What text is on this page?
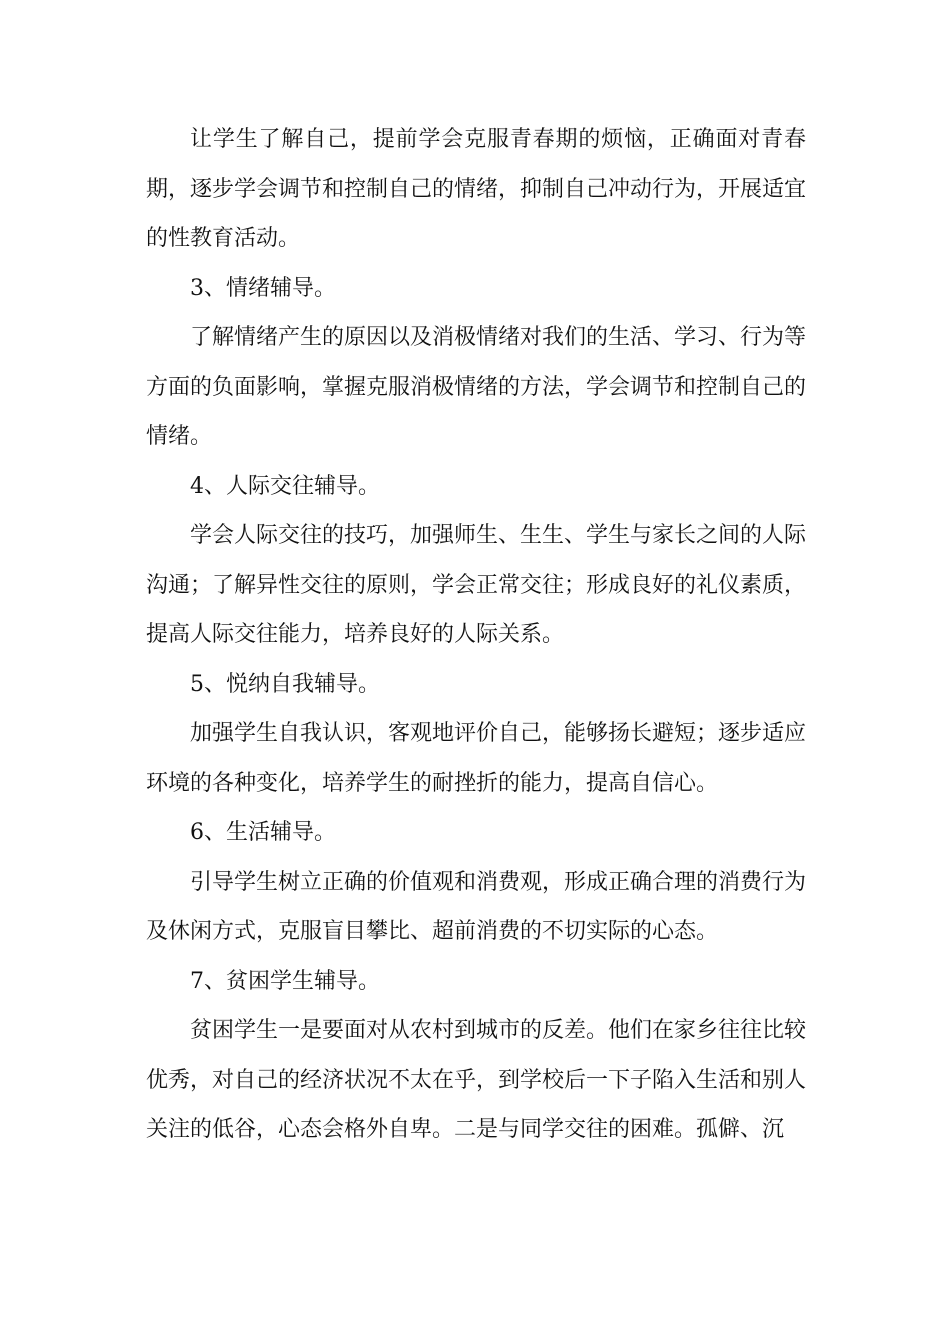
让学生了解自己，提前学会克服青春期的烦恼，正确面对青春期，逐步学会调节和控制自己的情绪，抑制自己冲动行为，开展适宜的性教育活动。

3、情绪辅导。

了解情绪产生的原因以及消极情绪对我们的生活、学习、行为等方面的负面影响，掌握克服消极情绪的方法，学会调节和控制自己的情绪。

4、人际交往辅导。

学会人际交往的技巧，加强师生、生生、学生与家长之间的人际沟通；了解异性交往的原则，学会正常交往；形成良好的礼仪素质，提高人际交往能力，培养良好的人际关系。

5、悦纳自我辅导。

加强学生自我认识，客观地评价自己，能够扬长避短；逐步适应环境的各种变化，培养学生的耐挫折的能力，提高自信心。

6、生活辅导。

引导学生树立正确的价值观和消费观，形成正确合理的消费行为及休闲方式，克服盲目攀比、超前消费的不切实际的心态。

7、贫困学生辅导。

贫困学生一是要面对从农村到城市的反差。他们在家乡往往比较优秀，对自己的经济状况不太在乎，到学校后一下子陷入生活和别人关注的低谷，心态会格外自卑。二是与同学交往的困难。孤僻、沉
